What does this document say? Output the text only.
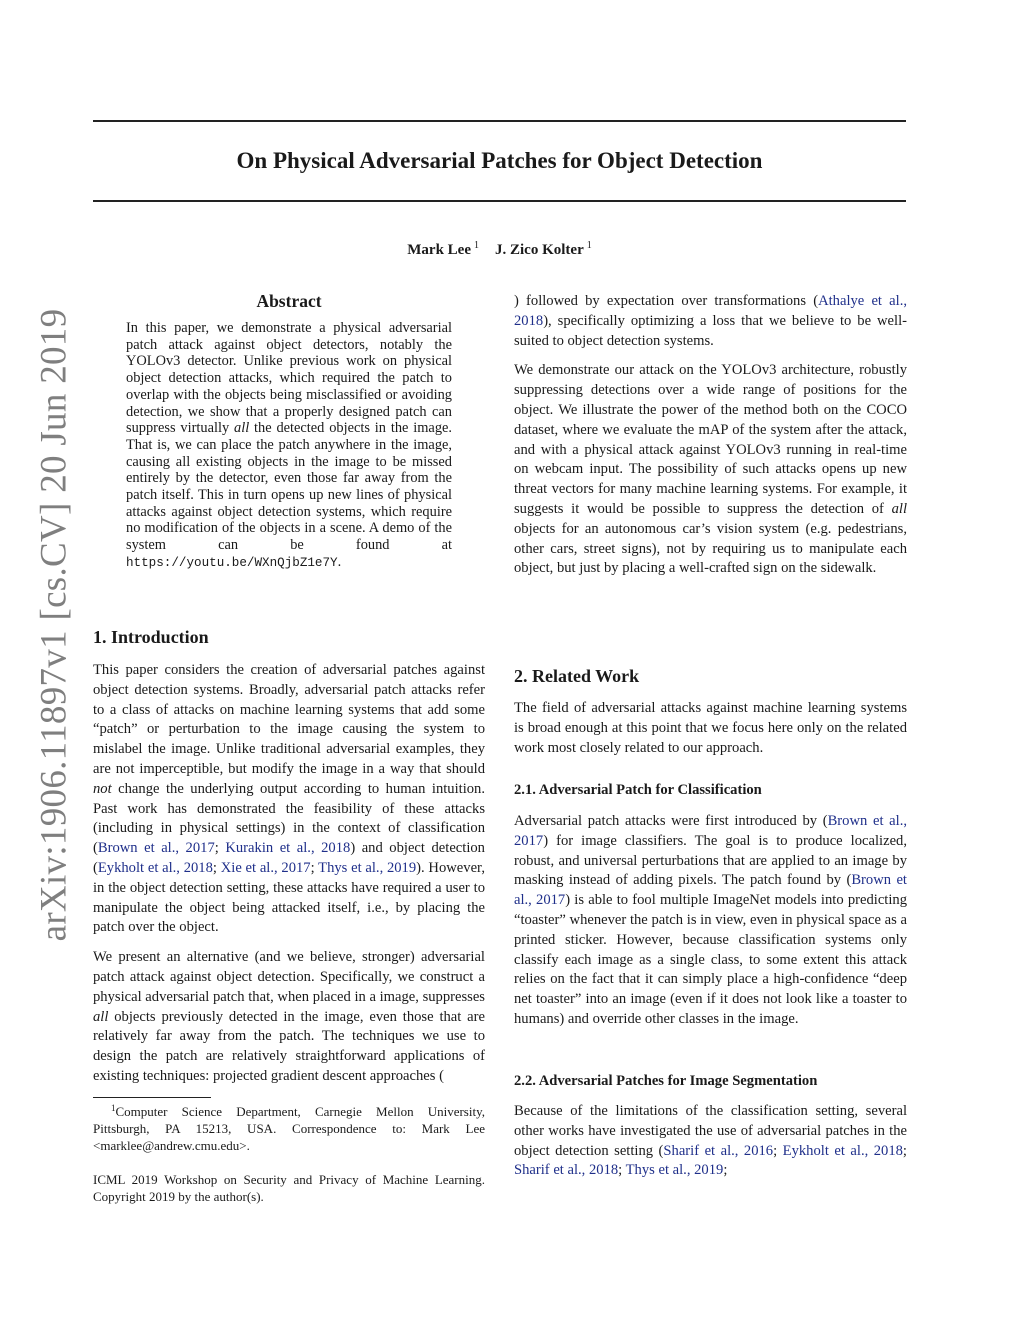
arXiv:1906.11897v1 [cs.CV] 20 Jun 2019
On Physical Adversarial Patches for Object Detection
Mark Lee $^1$ J. Zico Kolter $^1$
Abstract
In this paper, we demonstrate a physical adversarial patch attack against object detectors, notably the YOLOv3 detector. Unlike previous work on physical object detection attacks, which required the patch to overlap with the objects being misclassified or avoiding detection, we show that a properly designed patch can suppress virtually all the detected objects in the image. That is, we can place the patch anywhere in the image, causing all existing objects in the image to be missed entirely by the detector, even those far away from the patch itself. This in turn opens up new lines of physical attacks against object detection systems, which require no modification of the objects in a scene. A demo of the system can be found at https://youtu.be/WXnQjbZ1e7Y.
1. Introduction

This paper considers the creation of adversarial patches against object detection systems. Broadly, adversarial patch attacks refer to a class of attacks on machine learning systems that add some “patch” or perturbation to the image causing the system to mislabel the image. Unlike traditional adversarial examples, they are not imperceptible, but modify the image in a way that should not change the underlying output according to human intuition. Past work has demonstrated the feasibility of these attacks (including in physical settings) in the context of classification (Brown et al., 2017; Kurakin et al., 2018) and object detection (Eykholt et al., 2018; Xie et al., 2017; Thys et al., 2019). However, in the object detection setting, these attacks have required a user to manipulate the object being attacked itself, i.e., by placing the patch over the object.

We present an alternative (and we believe, stronger) adversarial patch attack against object detection. Specifically, we construct a physical adversarial patch that, when placed in a image, suppresses all objects previously detected in the image, even those that are relatively far away from the patch. The techniques we use to design the patch are relatively straightforward applications of existing techniques: projected gradient descent approaches (

$^1$Computer Science Department, Carnegie Mellon University, Pittsburgh, PA 15213, USA. Correspondence to: Mark Lee <marklee@andrew.cmu.edu>.

ICML 2019 Workshop on Security and Privacy of Machine Learning. Copyright 2019 by the author(s).

) followed by expectation over transformations (Athalye et al., 2018), specifically optimizing a loss that we believe to be well-suited to object detection systems.

We demonstrate our attack on the YOLOv3 architecture, robustly suppressing detections over a wide range of positions for the object. We illustrate the power of the method both on the COCO dataset, where we evaluate the mAP of the system after the attack, and with a physical attack against YOLOv3 running in real-time on webcam input. The possibility of such attacks opens up new threat vectors for many machine learning systems. For example, it suggests it would be possible to suppress the detection of all objects for an autonomous car’s vision system (e.g. pedestrians, other cars, street signs), not by requiring us to manipulate each object, but just by placing a well-crafted sign on the sidewalk.

2. Related Work

The field of adversarial attacks against machine learning systems is broad enough at this point that we focus here only on the related work most closely related to our approach.

2.1. Adversarial Patch for Classification

Adversarial patch attacks were first introduced by (Brown et al., 2017) for image classifiers. The goal is to produce localized, robust, and universal perturbations that are applied to an image by masking instead of adding pixels. The patch found by (Brown et al., 2017) is able to fool multiple ImageNet models into predicting “toaster” whenever the patch is in view, even in physical space as a printed sticker. However, because classification systems only classify each image as a single class, to some extent this attack relies on the fact that it can simply place a high-confidence “deep net toaster” into an image (even if it does not look like a toaster to humans) and override other classes in the image.

2.2. Adversarial Patches for Image Segmentation

Because of the limitations of the classification setting, several other works have investigated the use of adversarial patches in the object detection setting (Sharif et al., 2016; Eykholt et al., 2018; Sharif et al., 2018; Thys et al., 2019;
